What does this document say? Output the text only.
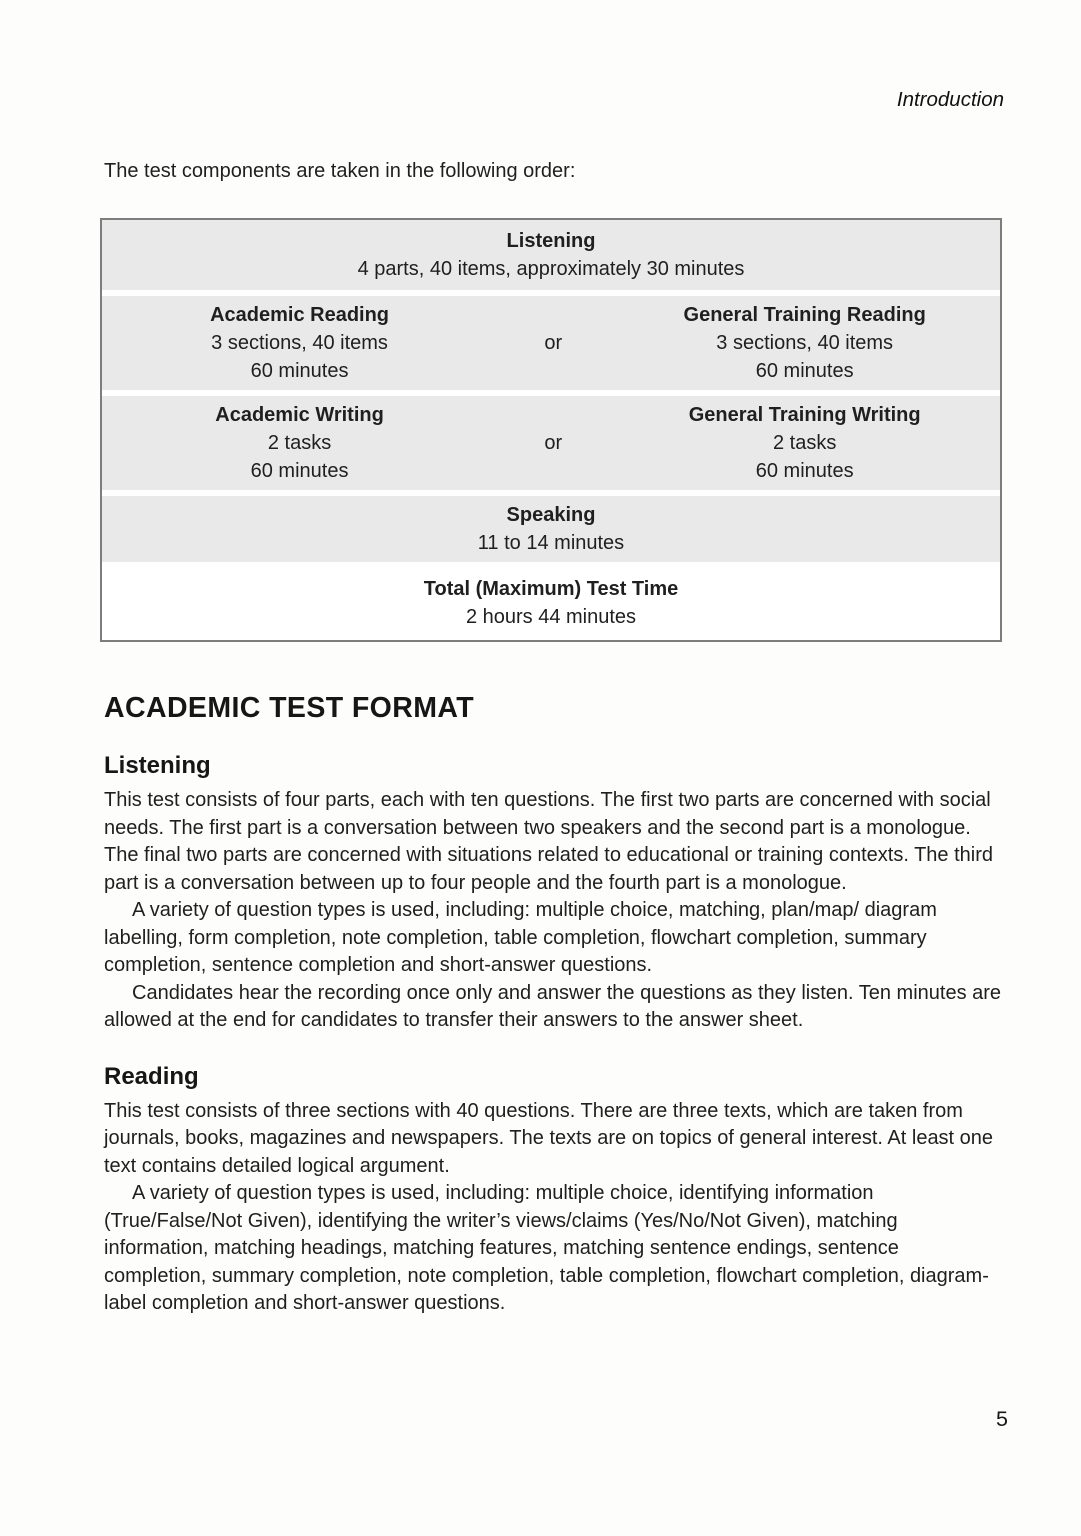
Introduction

The test components are taken in the following order:

Listening
4 parts, 40 items, approximately 30 minutes
Academic Reading
3 sections, 40 items
60 minutes
or
General Training Reading
3 sections, 40 items
60 minutes
Academic Writing
2 tasks
60 minutes
or
General Training Writing
2 tasks
60 minutes
Speaking
11 to 14 minutes
Total (Maximum) Test Time
2 hours 44 minutes
ACADEMIC TEST FORMAT
Listening

This test consists of four parts, each with ten questions. The first two parts are concerned with social needs. The first part is a conversation between two speakers and the second part is a monologue. The final two parts are concerned with situations related to educational or training contexts. The third part is a conversation between up to four people and the fourth part is a monologue.

A variety of question types is used, including: multiple choice, matching, plan/map/ diagram labelling, form completion, note completion, table completion, flowchart completion, summary completion, sentence completion and short-answer questions.

Candidates hear the recording once only and answer the questions as they listen. Ten minutes are allowed at the end for candidates to transfer their answers to the answer sheet.

Reading

This test consists of three sections with 40 questions. There are three texts, which are taken from journals, books, magazines and newspapers. The texts are on topics of general interest. At least one text contains detailed logical argument.

A variety of question types is used, including: multiple choice, identifying information (True/False/Not Given), identifying the writer’s views/claims (Yes/No/Not Given), matching information, matching headings, matching features, matching sentence endings, sentence completion, summary completion, note completion, table completion, flowchart completion, diagram-label completion and short-answer questions.

5
